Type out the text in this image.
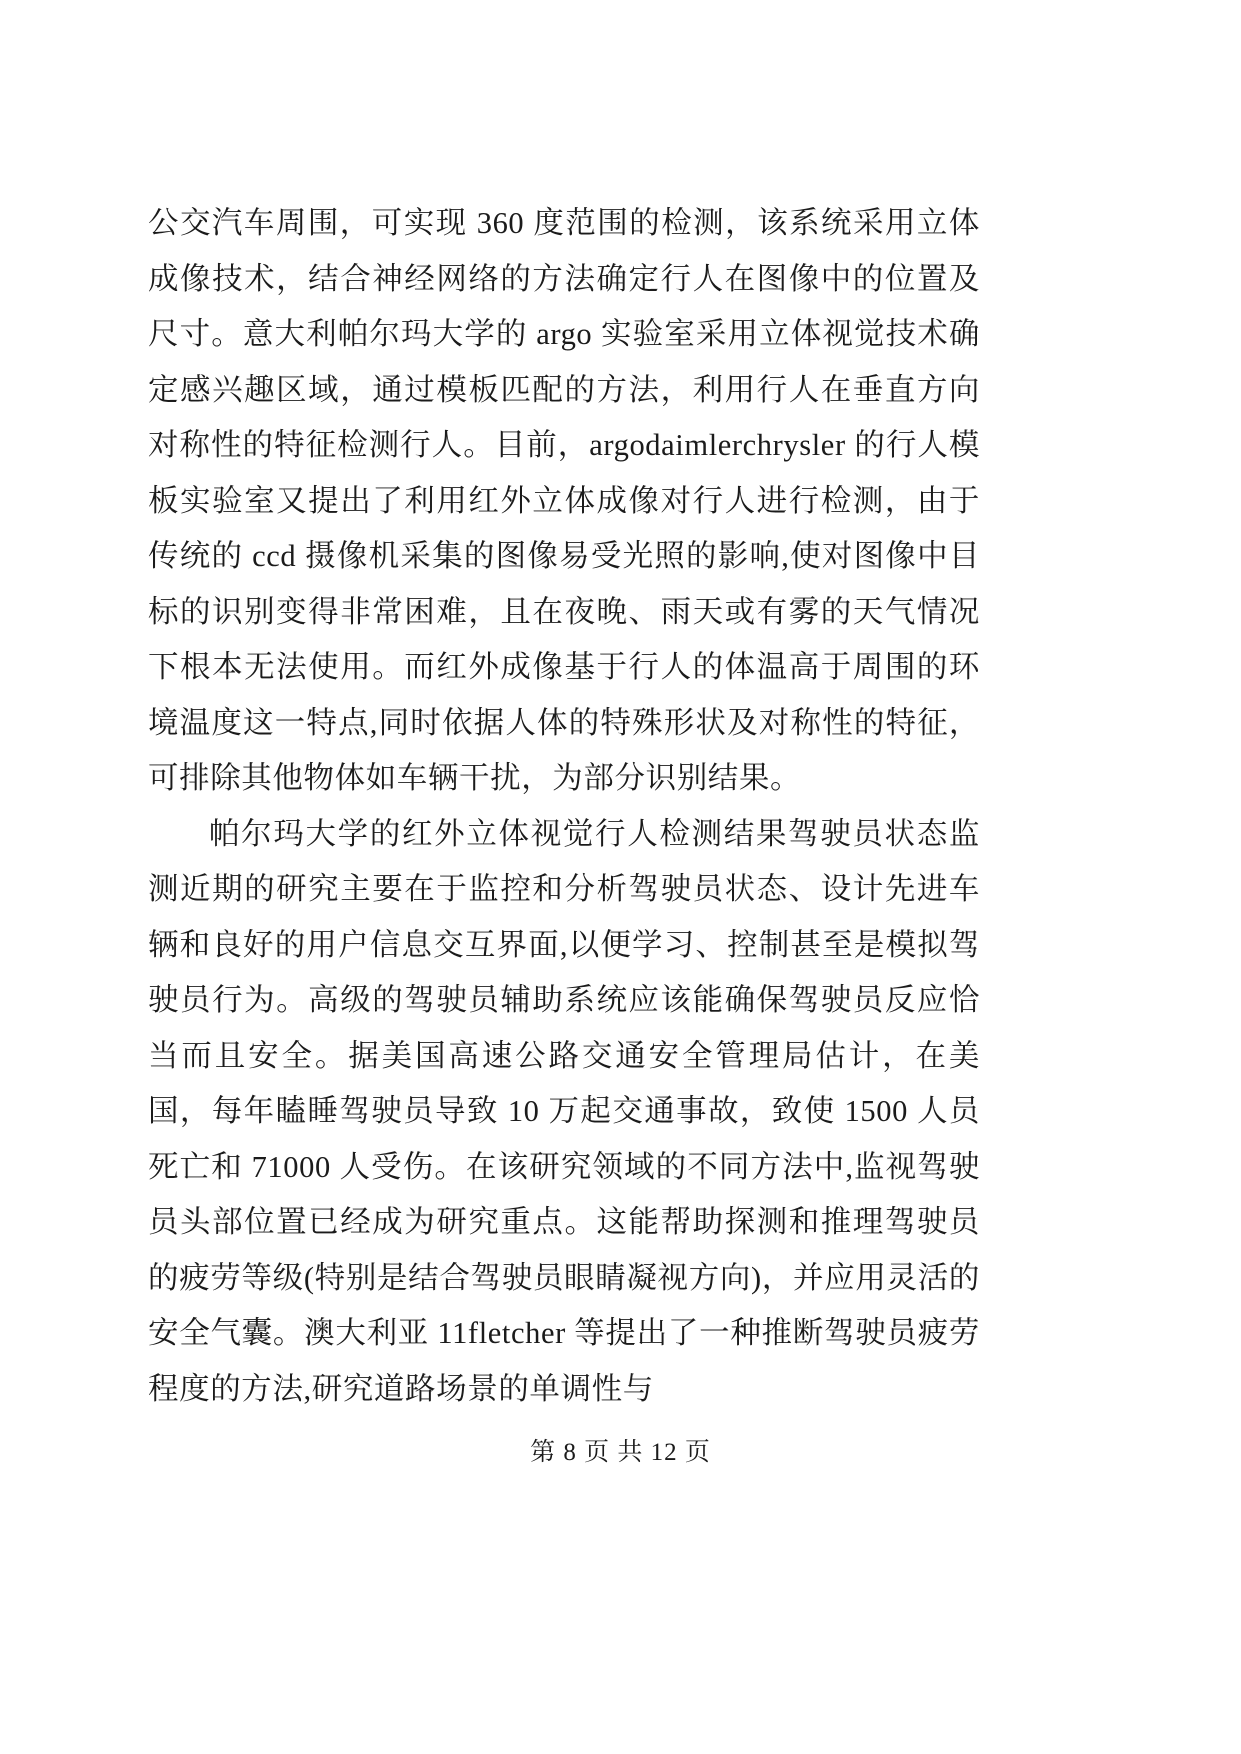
公交汽车周围，可实现 360 度范围的检测，该系统采用立体成像技术，结合神经网络的方法确定行人在图像中的位置及尺寸。意大利帕尔玛大学的 argo 实验室采用立体视觉技术确定感兴趣区域，通过模板匹配的方法，利用行人在垂直方向对称性的特征检测行人。目前，argodaimlerchrysler 的行人模板实验室又提出了利用红外立体成像对行人进行检测，由于传统的 ccd 摄像机采集的图像易受光照的影响,使对图像中目标的识别变得非常困难，且在夜晚、雨天或有雾的天气情况下根本无法使用。而红外成像基于行人的体温高于周围的环境温度这一特点,同时依据人体的特殊形状及对称性的特征，可排除其他物体如车辆干扰，为部分识别结果。

帕尔玛大学的红外立体视觉行人检测结果驾驶员状态监测近期的研究主要在于监控和分析驾驶员状态、设计先进车辆和良好的用户信息交互界面,以便学习、控制甚至是模拟驾驶员行为。高级的驾驶员辅助系统应该能确保驾驶员反应恰当而且安全。据美国高速公路交通安全管理局估计，在美国，每年瞌睡驾驶员导致 10 万起交通事故，致使 1500 人员死亡和 71000 人受伤。在该研究领域的不同方法中,监视驾驶员头部位置已经成为研究重点。这能帮助探测和推理驾驶员的疲劳等级(特别是结合驾驶员眼睛凝视方向)，并应用灵活的安全气囊。澳大利亚 11fletcher 等提出了一种推断驾驶员疲劳程度的方法,研究道路场景的单调性与

第 8 页 共 12 页
